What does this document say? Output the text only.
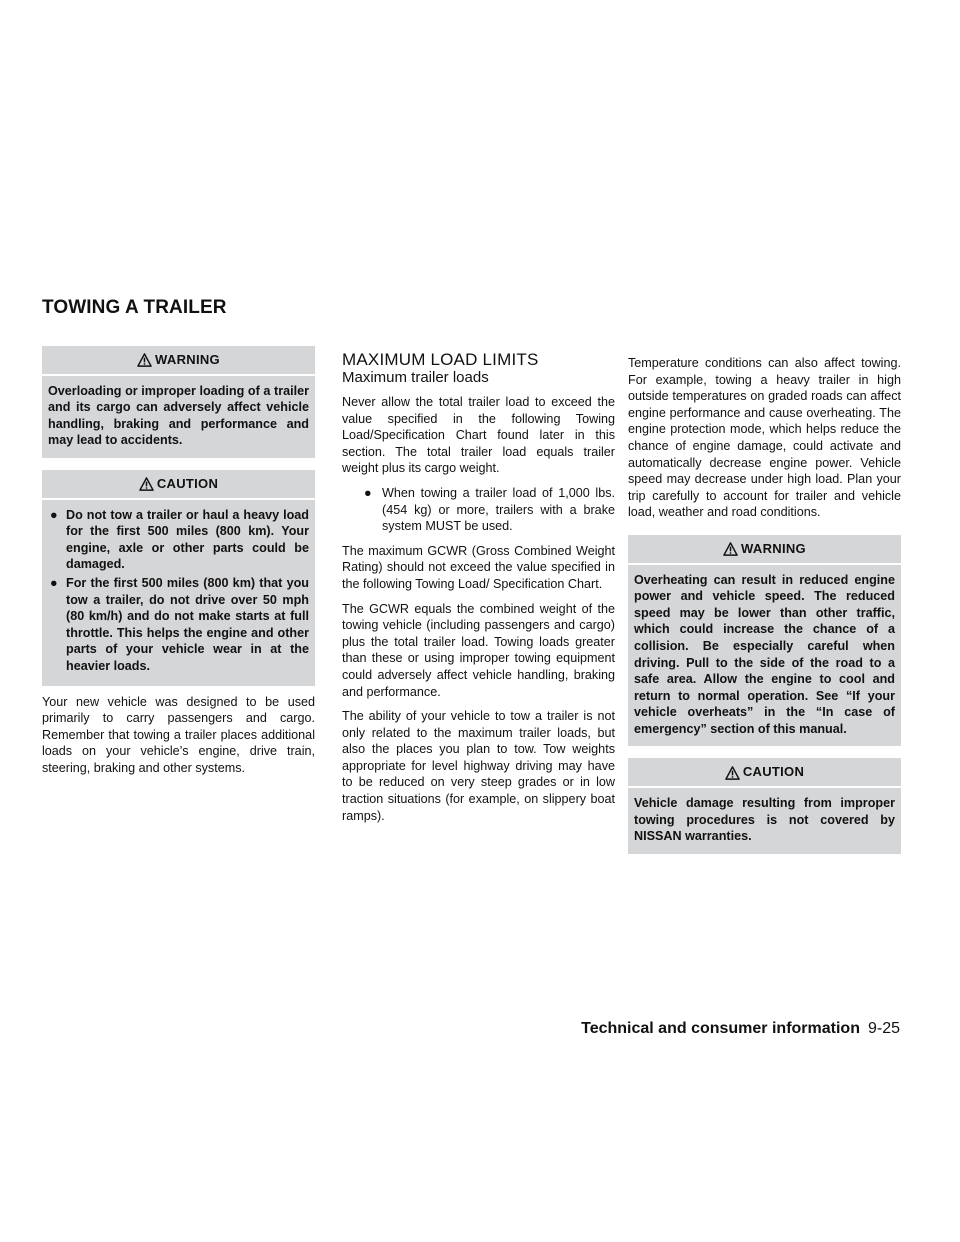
TOWING A TRAILER
WARNING
Overloading or improper loading of a trailer and its cargo can adversely affect vehicle handling, braking and performance and may lead to accidents.
CAUTION
● Do not tow a trailer or haul a heavy load for the first 500 miles (800 km). Your engine, axle or other parts could be damaged.
● For the first 500 miles (800 km) that you tow a trailer, do not drive over 50 mph (80 km/h) and do not make starts at full throttle. This helps the engine and other parts of your vehicle wear in at the heavier loads.

Your new vehicle was designed to be used primarily to carry passengers and cargo. Remember that towing a trailer places additional loads on your vehicle’s engine, drive train, steering, braking and other systems.

MAXIMUM LOAD LIMITS
Maximum trailer loads

Never allow the total trailer load to exceed the value specified in the following Towing Load/Specification Chart found later in this section. The total trailer load equals trailer weight plus its cargo weight.

● When towing a trailer load of 1,000 lbs. (454 kg) or more, trailers with a brake system MUST be used.

The maximum GCWR (Gross Combined Weight Rating) should not exceed the value specified in the following Towing Load/ Specification Chart.

The GCWR equals the combined weight of the towing vehicle (including passengers and cargo) plus the total trailer load. Towing loads greater than these or using improper towing equipment could adversely affect vehicle handling, braking and performance.

The ability of your vehicle to tow a trailer is not only related to the maximum trailer loads, but also the places you plan to tow. Tow weights appropriate for level highway driving may have to be reduced on very steep grades or in low traction situations (for example, on slippery boat ramps).

Temperature conditions can also affect towing. For example, towing a heavy trailer in high outside temperatures on graded roads can affect engine performance and cause overheating. The engine protection mode, which helps reduce the chance of engine damage, could activate and automatically decrease engine power. Vehicle speed may decrease under high load. Plan your trip carefully to account for trailer and vehicle load, weather and road conditions.

WARNING
Overheating can result in reduced engine power and vehicle speed. The reduced speed may be lower than other traffic, which could increase the chance of a collision. Be especially careful when driving. Pull to the side of the road to a safe area. Allow the engine to cool and return to normal operation. See “If your vehicle overheats” in the “In case of emergency” section of this manual.
CAUTION
Vehicle damage resulting from improper towing procedures is not covered by NISSAN warranties.
Technical and consumer information 9-25
